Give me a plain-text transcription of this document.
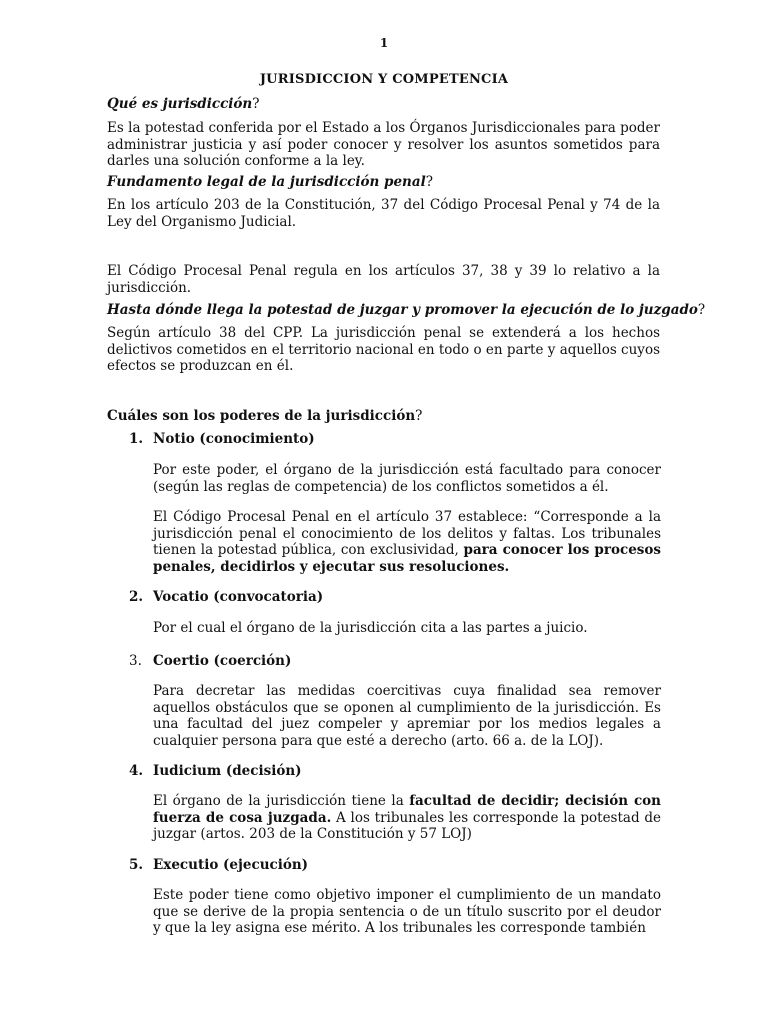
1
JURISDICCION Y COMPETENCIA
Qué es jurisdicción?

Es la potestad conferida por el Estado a los Órganos Jurisdiccionales para poder administrar justicia y así poder conocer y resolver los asuntos sometidos para darles una solución conforme a la ley.

Fundamento legal de la jurisdicción penal?

En los artículo 203 de la Constitución, 37 del Código Procesal Penal y 74 de la Ley del Organismo Judicial.

El Código Procesal Penal regula en los artículos 37, 38 y 39 lo relativo a la jurisdicción.

Hasta dónde llega la potestad de juzgar y promover la ejecución de lo juzgado?

Según artículo 38 del CPP. La jurisdicción penal se extenderá a los hechos delictivos cometidos en el territorio nacional en todo o en parte y aquellos cuyos efectos se produzcan en él.

Cuáles son los poderes de la jurisdicción?
1. Notio (conocimiento)

Por este poder, el órgano de la jurisdicción está facultado para conocer (según las reglas de competencia) de los conflictos sometidos a él.

El Código Procesal Penal en el artículo 37 establece: “Corresponde a la jurisdicción penal el conocimiento de los delitos y faltas. Los tribunales tienen la potestad pública, con exclusividad, para conocer los procesos penales, decidirlos y ejecutar sus resoluciones.

2. Vocatio (convocatoria)

Por el cual el órgano de la jurisdicción cita a las partes a juicio.

3. Coertio (coerción)

Para decretar las medidas coercitivas cuya finalidad sea remover aquellos obstáculos que se oponen al cumplimiento de la jurisdicción. Es una facultad del juez compeler y apremiar por los medios legales a cualquier persona para que esté a derecho (arto. 66 a. de la LOJ).

4. Iudicium (decisión)

El órgano de la jurisdicción tiene la facultad de decidir; decisión con fuerza de cosa juzgada. A los tribunales les corresponde la potestad de juzgar (artos. 203 de la Constitución y 57 LOJ)

5. Executio (ejecución)

Este poder tiene como objetivo imponer el cumplimiento de un mandato que se derive de la propia sentencia o de un título suscrito por el deudor y que la ley asigna ese mérito. A los tribunales les corresponde también
